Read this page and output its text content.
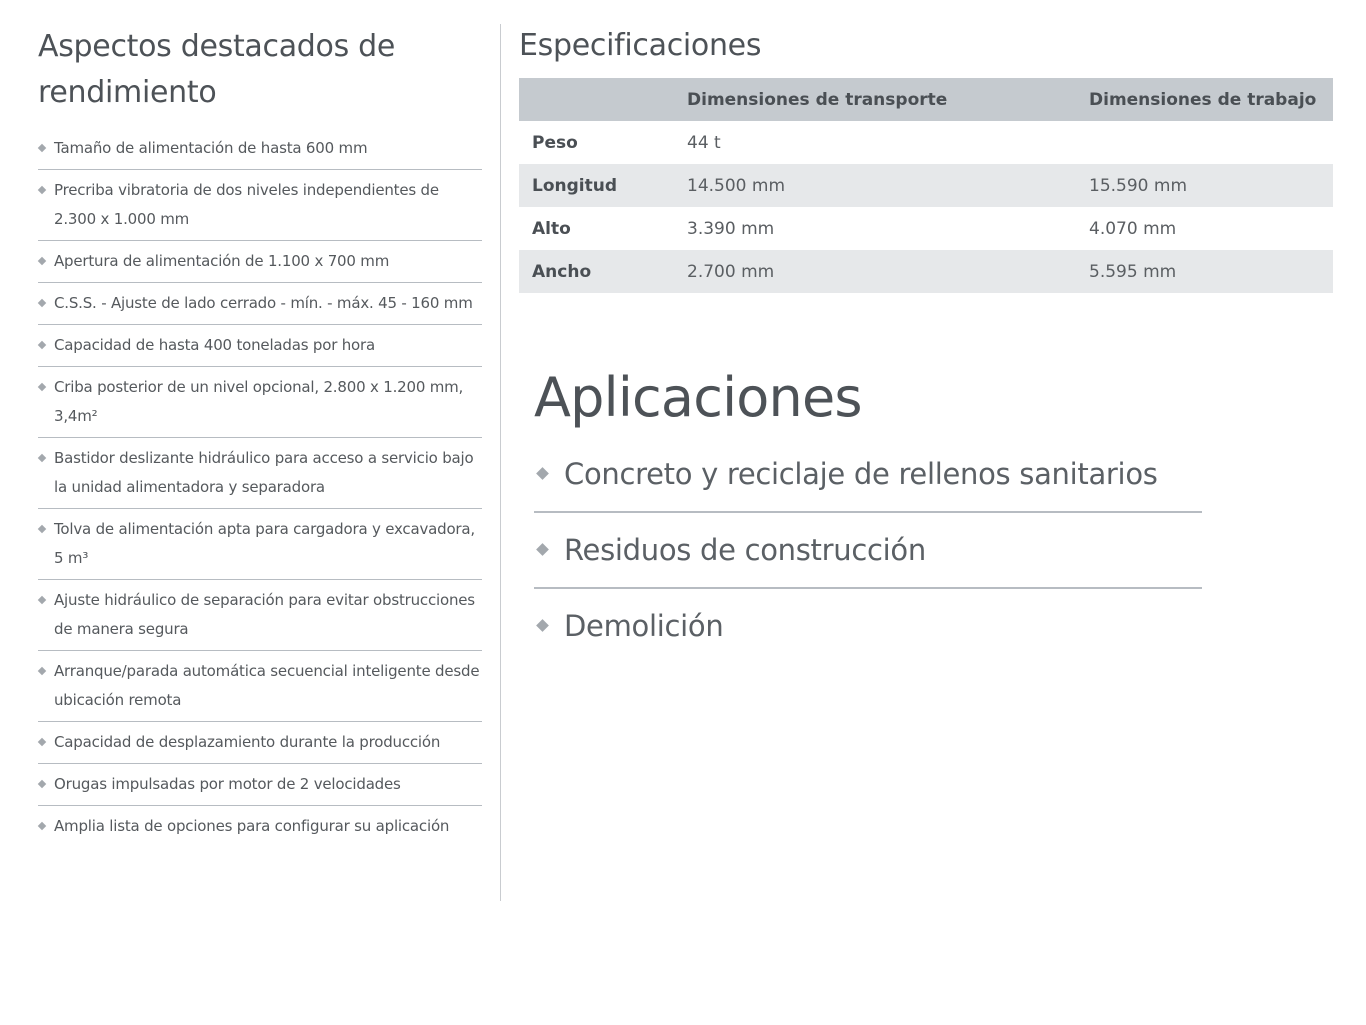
Aspectos destacados de rendimiento
Tamaño de alimentación de hasta 600 mm
Precriba vibratoria de dos niveles independientes de 2.300 x 1.000 mm
Apertura de alimentación de 1.100 x 700 mm
C.S.S. - Ajuste de lado cerrado - mín. - máx. 45 - 160 mm
Capacidad de hasta 400 toneladas por hora
Criba posterior de un nivel opcional, 2.800 x 1.200 mm, 3,4m²
Bastidor deslizante hidráulico para acceso a servicio bajo la unidad alimentadora y separadora
Tolva de alimentación apta para cargadora y excavadora, 5 m³
Ajuste hidráulico de separación para evitar obstrucciones de manera segura
Arranque/parada automática secuencial inteligente desde ubicación remota
Capacidad de desplazamiento durante la producción
Orugas impulsadas por motor de 2 velocidades
Amplia lista de opciones para configurar su aplicación
Especificaciones
	Dimensiones de transporte	Dimensiones de trabajo
Peso	44 t	
Longitud	14.500 mm	15.590 mm
Alto	3.390 mm	4.070 mm
Ancho	2.700 mm	5.595 mm
Aplicaciones
Concreto y reciclaje de rellenos sanitarios
Residuos de construcción
Demolición
